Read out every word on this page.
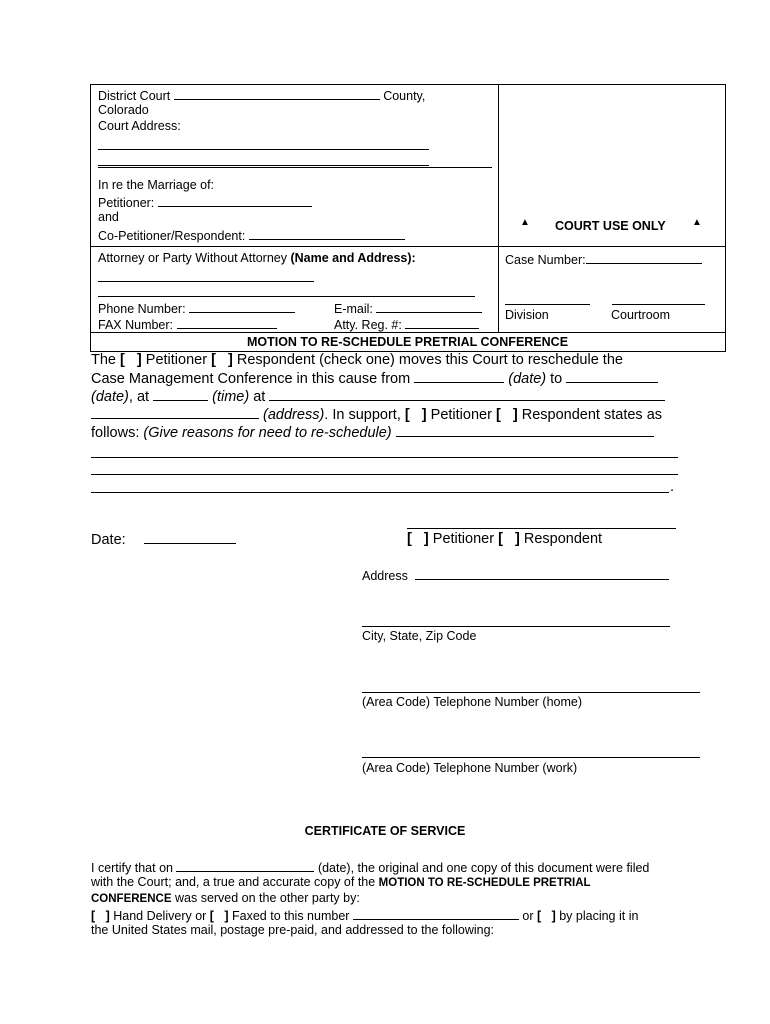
District Court	County,
Colorado
Court Address:
In re the Marriage of:
Petitioner:
and
Co-Petitioner/Respondent:
▲ COURT USE ONLY	▲
Attorney or Party Without Attorney (Name and Address):
Phone Number:	E-mail:
FAX Number:	Atty. Reg. #:
Case Number:
Division	Courtroom
MOTION TO RE-SCHEDULE PRETRIAL CONFERENCE
The [   ] Petitioner [   ] Respondent (check one) moves this Court to reschedule the
Case Management Conference in this cause from	(date) to
(date), at	(time) at
(address). In support, [   ] Petitioner [   ] Respondent states as
follows: (Give reasons for need to re-schedule)
.
Date:	[   ] Petitioner [   ] Respondent
Address
City, State, Zip Code
(Area Code) Telephone Number (home)
(Area Code) Telephone Number (work)
CERTIFICATE OF SERVICE
I certify that on	(date), the original and one copy of this document were filed
with the Court; and, a true and accurate copy of the MOTION TO RE-SCHEDULE PRETRIAL
CONFERENCE was served on the other party by:
[   ] Hand Delivery or [   ] Faxed to this number	or [   ] by placing it in
the United States mail, postage pre-paid, and addressed to the following:
